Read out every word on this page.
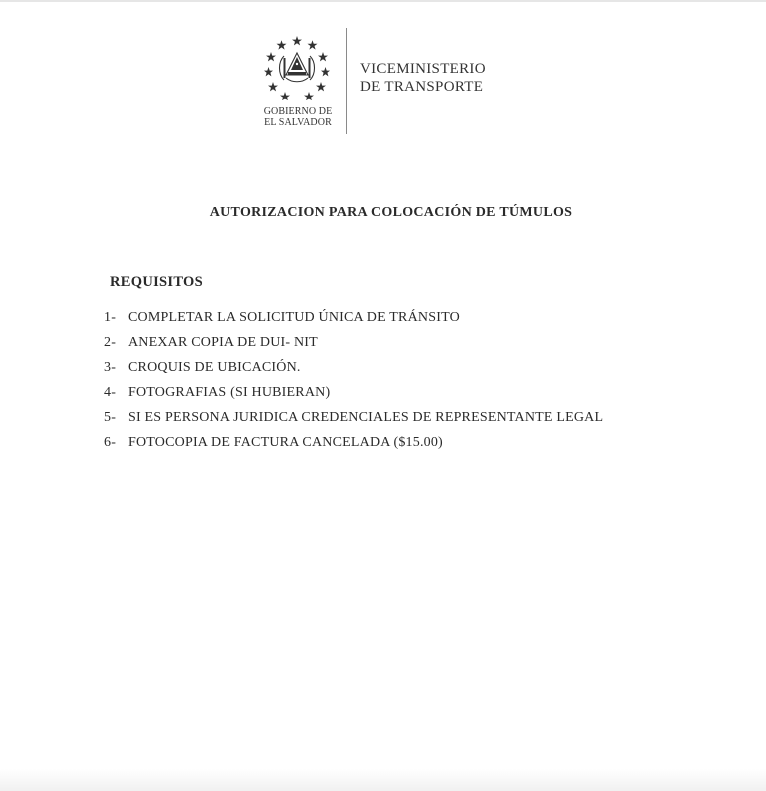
GOBIERNO DE
EL SALVADOR
VICEMINISTERIO
DE TRANSPORTE
AUTORIZACION PARA COLOCACIÓN DE TÚMULOS
REQUISITOS
1- COMPLETAR LA SOLICITUD ÚNICA DE TRÁNSITO
2- ANEXAR COPIA DE DUI- NIT
3- CROQUIS DE UBICACIÓN.
4- FOTOGRAFIAS (SI HUBIERAN)
5- SI ES PERSONA JURIDICA CREDENCIALES DE REPRESENTANTE LEGAL
6- FOTOCOPIA DE FACTURA CANCELADA ($15.00)
